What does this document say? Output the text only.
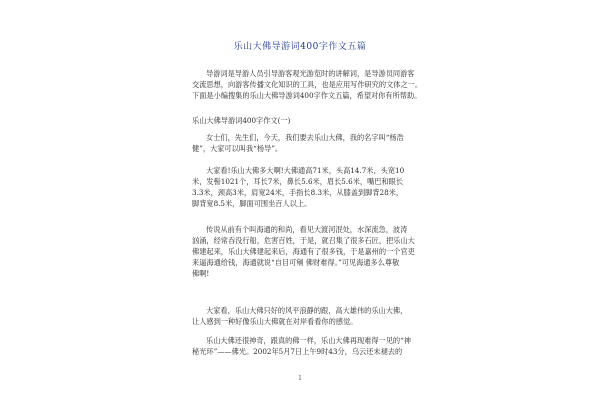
乐山大佛导游词400字作文五篇
导游词是导游人员引导游客观光游览时的讲解词，是导游员同游客
交流思想，向游客传播文化知识的工具，也是应用写作研究的文体之一。
下面是小编搜集的乐山大佛导游词400字作文五篇，希望对你有所帮助。
乐山大佛导游词400字作文(一)
女士们，先生们，今天，我们要去乐山大佛，我的名字叫“杨浩
健”，大家可以叫我“杨导”。
大家看!乐山大佛多大啊!大佛通高71米，头高14.7米，头宽10
米，发髻1021个，耳长7米，鼻长5.6米，眉长5.6米，嘴巴和眼长
3.3米，颈高3米，肩宽24米，手指长8.3米，从膝盖到脚背28米，
脚背宽8.5米，脚面可围坐百人以上。
传说从前有个叫海通的和尚，看见大渡河泯处，水深流急，波涛
汹涌，经常吞没行船，危害百姓，于是，就召集了很多石匠，把乐山大
佛建起来，乐山大佛建起来后，海通有了很多钱，于是嘉州的一个官吏
来逼海通给钱，海通就说“自目可剜 佛财难得。”可见海通多么尊敬
佛啊!
大家看，乐山大佛只好的风平浪静的跟，高大雄伟的乐山大佛，
让人感到一种好像乐山大佛就在对岸看看你的感觉。
乐山大佛还很神奇，跟真的佛一样，乐山大佛再现难得一见的“神
秘光环”——佛光。2002年5月7日上午9时43分，乌云还未褪去的
1
